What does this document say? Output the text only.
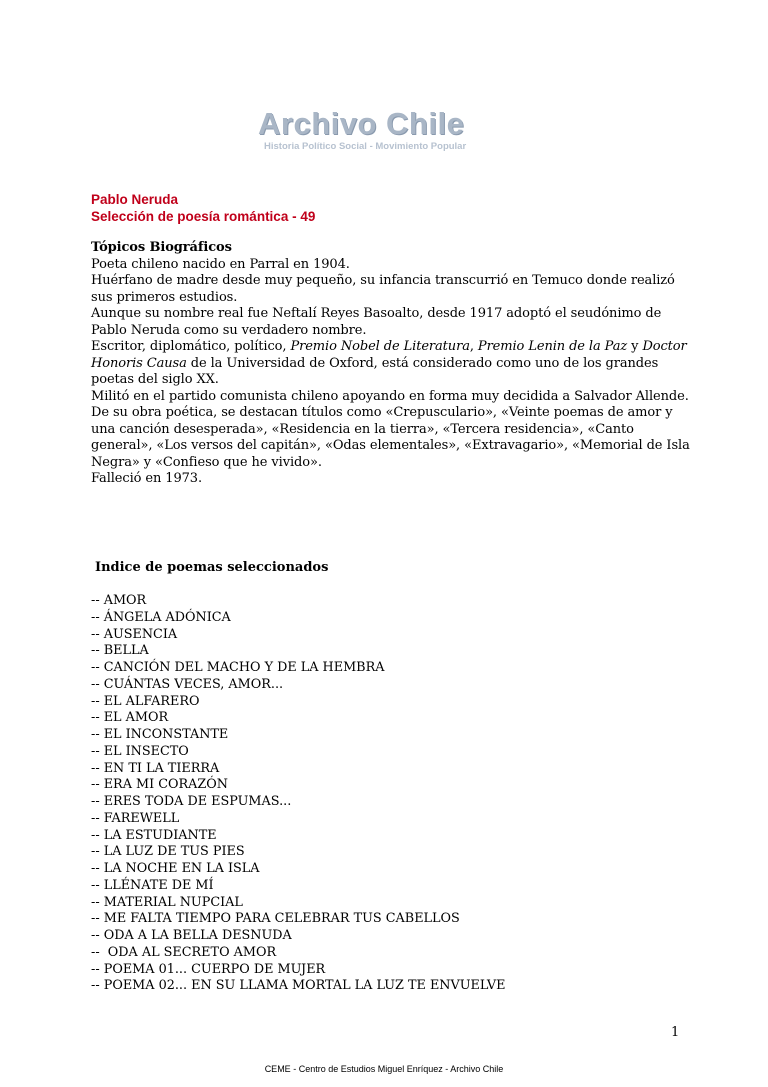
Archivo Chile
Historia Político Social - Movimiento Popular
Pablo Neruda
Selección de poesía romántica - 49

Tópicos Biográficos

Poeta chileno nacido en Parral en 1904.

Huérfano de madre desde muy pequeño, su infancia transcurrió en Temuco donde realizó sus primeros estudios.

Aunque su nombre real fue Neftalí Reyes Basoalto, desde 1917 adoptó el seudónimo de Pablo Neruda como su verdadero nombre.

Escritor, diplomático, político, Premio Nobel de Literatura, Premio Lenin de la Paz y Doctor Honoris Causa de la Universidad de Oxford, está considerado como uno de los grandes poetas del siglo XX.

Militó en el partido comunista chileno apoyando en forma muy decidida a Salvador Allende.

De su obra poética, se destacan títulos como «Crepusculario», «Veinte poemas de amor y una canción desesperada», «Residencia en la tierra», «Tercera residencia», «Canto general», «Los versos del capitán», «Odas elementales», «Extravagario», «Memorial de Isla Negra» y «Confieso que he vivido».

Falleció en 1973.

Indice de poemas seleccionados
-- AMOR
-- ÁNGELA ADÓNICA
-- AUSENCIA
-- BELLA
-- CANCIÓN DEL MACHO Y DE LA HEMBRA
-- CUÁNTAS VECES, AMOR...
-- EL ALFARERO
-- EL AMOR
-- EL INCONSTANTE
-- EL INSECTO
-- EN TI LA TIERRA
-- ERA MI CORAZÓN
-- ERES TODA DE ESPUMAS...
-- FAREWELL
-- LA ESTUDIANTE
-- LA LUZ DE TUS PIES
-- LA NOCHE EN LA ISLA
-- LLÉNATE DE MÍ
-- MATERIAL NUPCIAL
-- ME FALTA TIEMPO PARA CELEBRAR TUS CABELLOS
-- ODA A LA BELLA DESNUDA
--  ODA AL SECRETO AMOR
-- POEMA 01... CUERPO DE MUJER
-- POEMA 02... EN SU LLAMA MORTAL LA LUZ TE ENVUELVE
1
CEME - Centro de Estudios Miguel Enríquez - Archivo Chile
